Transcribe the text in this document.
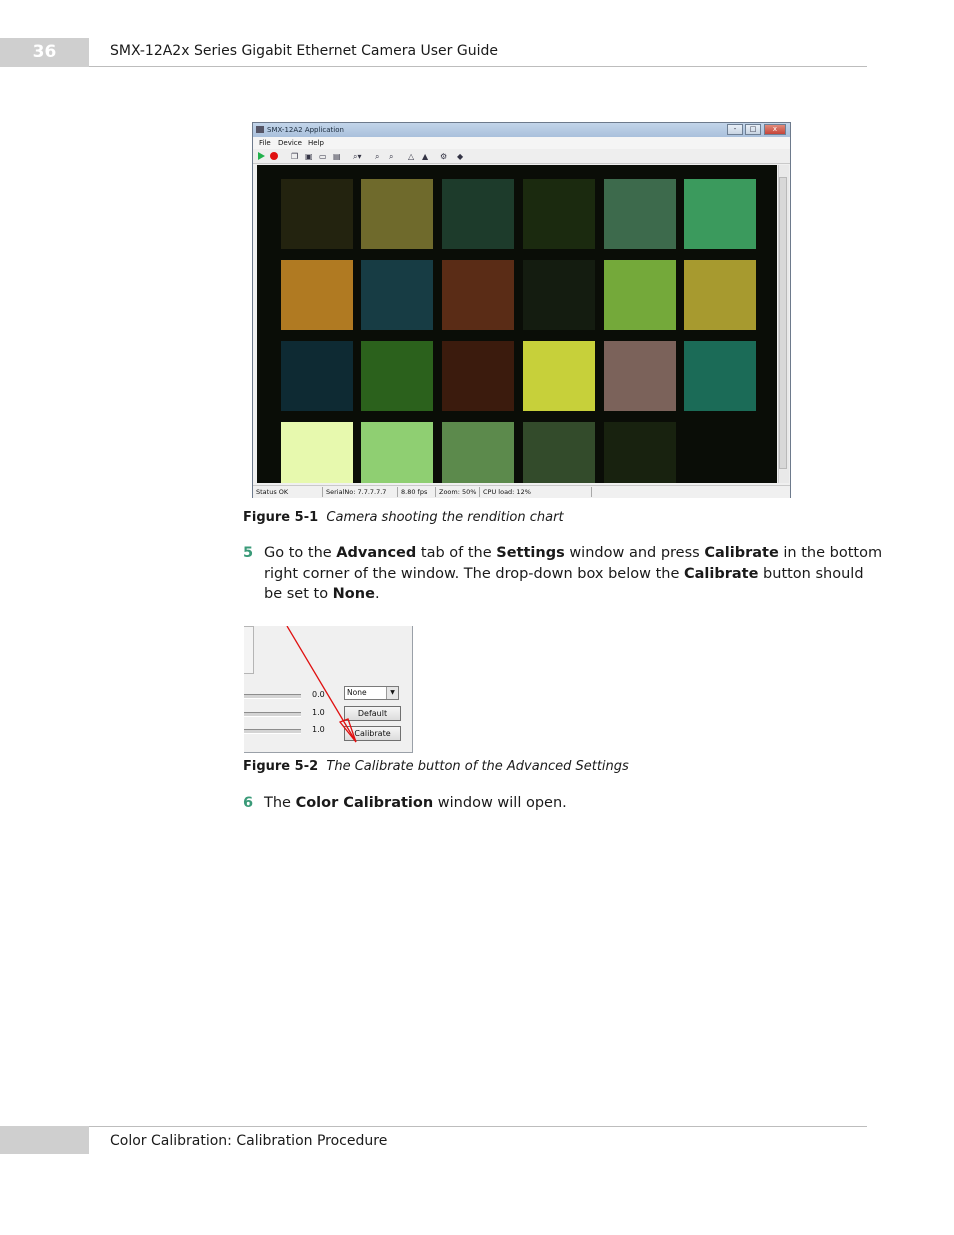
36	SMX-12A2x Series Gigabit Ethernet Camera User Guide
SMX-12A2 Application	-	□	x
File Device Help
❐ ▣ ▭ ▤ ⌕▾ ⌕ ⌕ △ ▲ ⚙ ◆
Status OK	SerialNo: 7.7.7.7.7 8.80 fps Zoom: 50% CPU load: 12%
Figure 5-1 Camera shooting the rendition chart
5 Go to the Advanced tab of the Settings window and press Calibrate in the bottom
right corner of the window. The drop-down box below the Calibrate button should
be set to None.
0.0
1.0
1.0
None	▼
Default
Calibrate
Figure 5-2 The Calibrate button of the Advanced Settings
6 The Color Calibration window will open.
Color Calibration: Calibration Procedure
